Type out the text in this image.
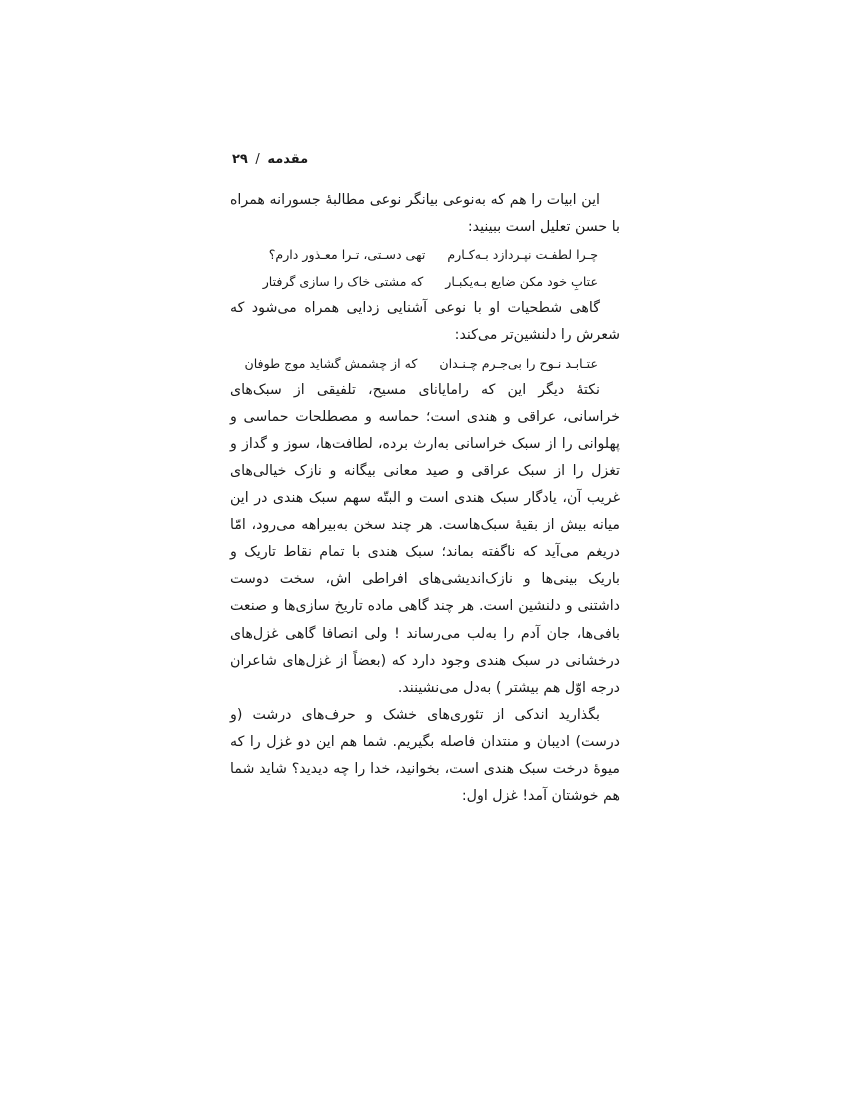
مقدمه / ۲۹

این ابیات را هم که به‌نوعی بیانگر نوعی مطالبهٔ جسورانه همراه با حسن تعلیل است ببینید:

چـرا لطفـت نپـردازد بـه‌کـارم
تهی دسـتی، تـرا معـذور دارم؟
عتابِ خود مکن ضایع بـه‌یکبـار
که مشتی خاک را سازی گرفتار

گاهی شطحیات او با نوعی آشنایی زدایی همراه می‌شود که شعرش را دلنشین‌تر می‌کند:

عتـابـد نـوح را بی‌جـرم چـنـدان
که از چشمش گشاید موج طوفان

نکتهٔ دیگر این که رامایانای مسیح، تلفیقی از سبک‌های خراسانی، عراقی و هندی است؛ حماسه و مصطلحات حماسی و پهلوانی را از سبک خراسانی به‌ارث برده، لطافت‌ها، سوز و گداز و تغزل را از سبک عراقی و صید معانی بیگانه و نازک خیالی‌های غریب آن، یادگار سبک هندی است و البتّه سهم سبک هندی در این میانه بیش از بقیهٔ سبک‌هاست. هر چند سخن به‌بیراهه می‌رود، امّا دریغم می‌آید که ناگفته بماند؛ سبک هندی با تمام نقاط تاریک و باریک بینی‌ها و نازک‌اندیشی‌های افراطی اش، سخت دوست داشتنی و دلنشین است. هر چند گاهی ماده تاریخ سازی‌ها و صنعت بافی‌ها، جان آدم را به‌لب می‌رساند ! ولی انصافا گاهی غزل‌های درخشانی در سبک هندی وجود دارد که (بعضاً از غزل‌های شاعران درجه اوّل هم بیشتر ) به‌دل می‌نشینند.

بگذارید اندکی از تئوری‌های خشک و حرف‌های درشت (و درست) ادیبان و منتدان فاصله بگیریم. شما هم این دو غزل را که میوهٔ درخت سبک هندی است، بخوانید، خدا را چه دیدید؟ شاید شما هم خوشتان آمد! غزل اول:
